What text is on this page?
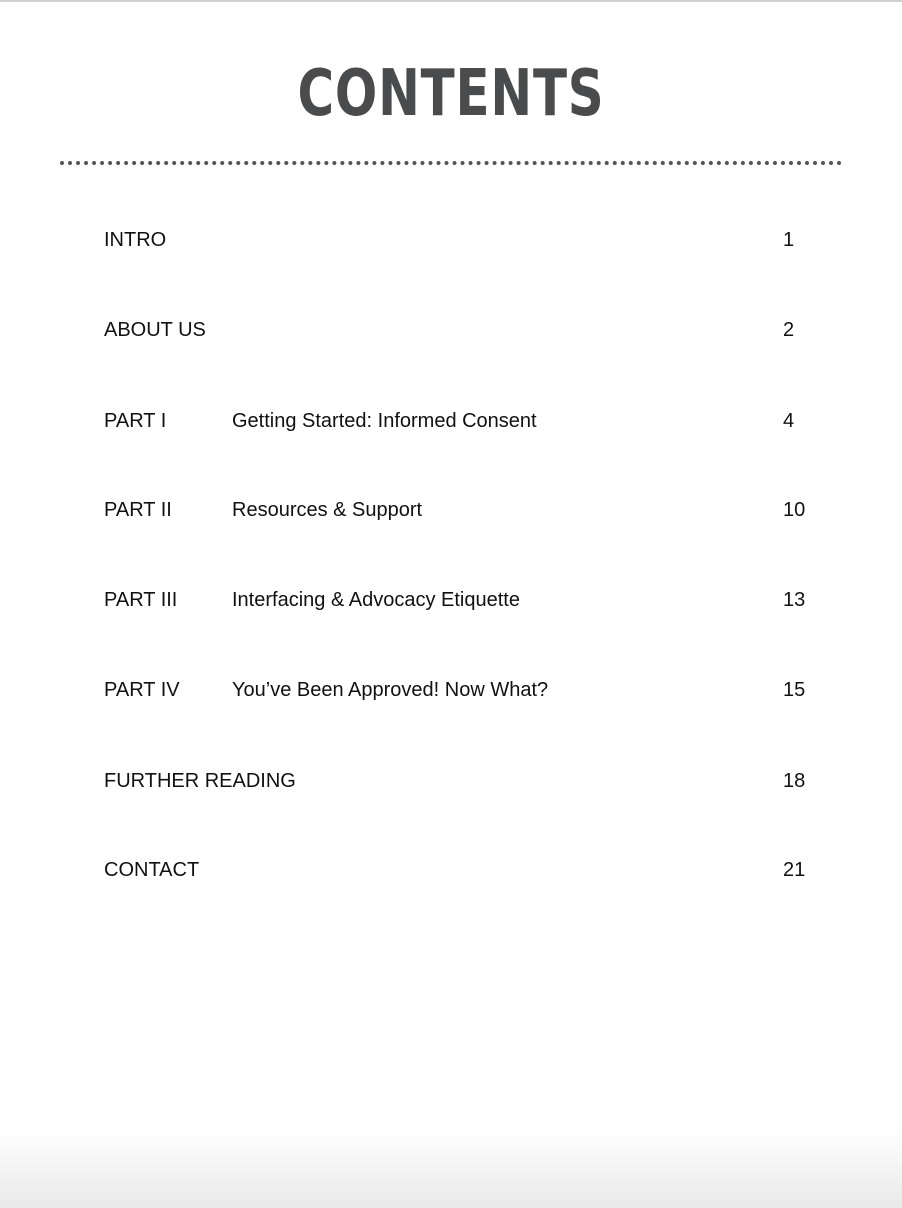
CONTENTS
INTRO	1
ABOUT US	2
PART I	Getting Started: Informed Consent	4
PART II	Resources & Support	10
PART III	Interfacing & Advocacy Etiquette	13
PART IV	You’ve Been Approved! Now What?	15
FURTHER READING	18
CONTACT	21
